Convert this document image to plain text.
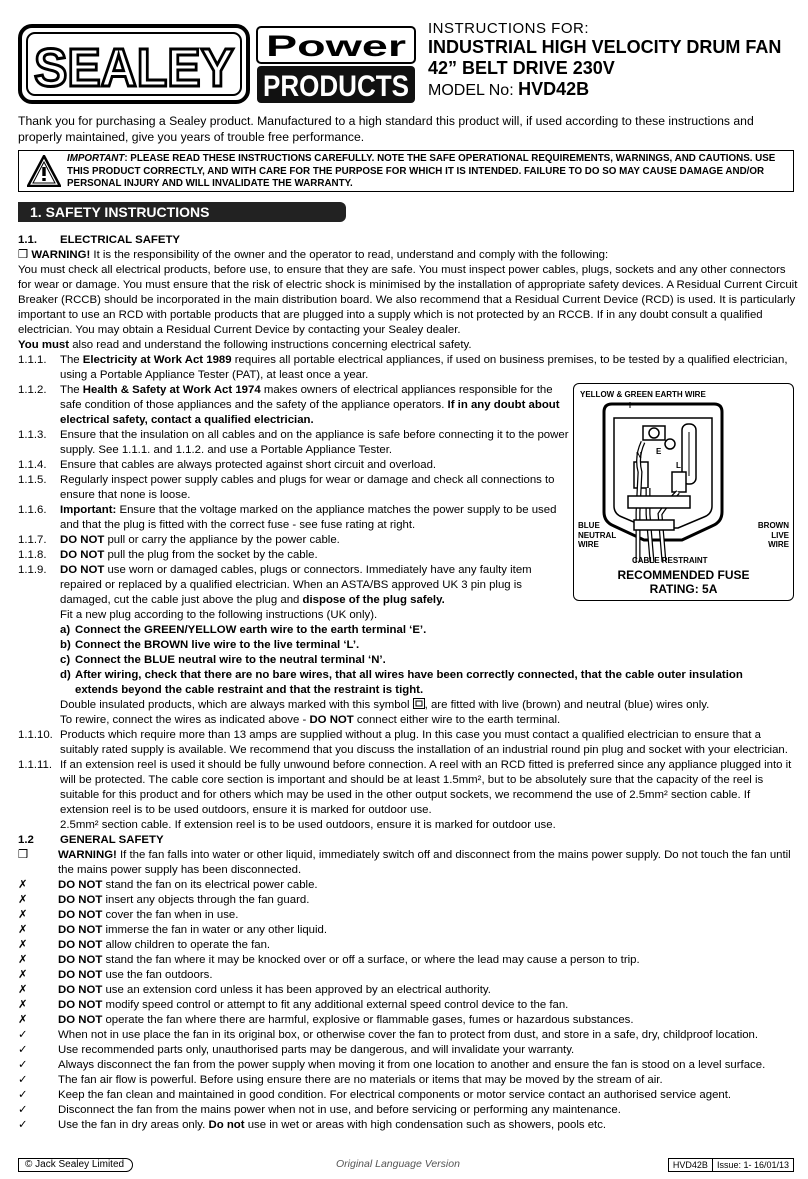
SEALEY Power
PRODUCTS
INSTRUCTIONS FOR:
INDUSTRIAL HIGH VELOCITY DRUM FAN
42” BELT DRIVE 230V
MODEL No: HVD42B
Thank you for purchasing a Sealey product. Manufactured to a high standard this product will, if used according to these instructions and properly maintained, give you years of trouble free performance.
IMPORTANT: PLEASE READ THESE INSTRUCTIONS CAREFULLY. NOTE THE SAFE OPERATIONAL REQUIREMENTS, WARNINGS, AND CAUTIONS. USE THIS PRODUCT CORRECTLY, AND WITH CARE FOR THE PURPOSE FOR WHICH IT IS INTENDED. FAILURE TO DO SO MAY CAUSE DAMAGE AND/OR PERSONAL INJURY AND WILL INVALIDATE THE WARRANTY.
1. SAFETY INSTRUCTIONS
YELLOW & GREEN EARTH WIRE
E
N
L
BLUE
NEUTRAL
WIRE
BROWN
LIVE
WIRE
CABLE RESTRAINT
RECOMMENDED FUSE
RATING: 5A
1.1.	ELECTRICAL SAFETY
❒ WARNING! It is the responsibility of the owner and the operator to read, understand and comply with the following:
You must check all electrical products, before use, to ensure that they are safe. You must inspect power cables, plugs, sockets and any other connectors for wear or damage. You must ensure that the risk of electric shock is minimised by the installation of appropriate safety devices. A Residual Current Circuit Breaker (RCCB) should be incorporated in the main distribution board. We also recommend that a Residual Current Device (RCD) is used. It is particularly important to use an RCD with portable products that are plugged into a supply which is not protected by an RCCB. If in any doubt consult a qualified electrician. You may obtain a Residual Current Device by contacting your Sealey dealer.
You must also read and understand the following instructions concerning electrical safety.
1.1.1.	The Electricity at Work Act 1989 requires all portable electrical appliances, if used on business premises, to be tested by a qualified electrician, using a Portable Appliance Tester (PAT), at least once a year.
1.1.2.	The Health & Safety at Work Act 1974 makes owners of electrical appliances responsible for the safe condition of those appliances and the safety of the appliance operators. If in any doubt about electrical safety, contact a qualified electrician.
1.1.3.	Ensure that the insulation on all cables and on the appliance is safe before connecting it to the power supply. See 1.1.1. and 1.1.2. and use a Portable Appliance Tester.
1.1.4.	Ensure that cables are always protected against short circuit and overload.
1.1.5.	Regularly inspect power supply cables and plugs for wear or damage and check all connections to ensure that none is loose.
1.1.6.	Important: Ensure that the voltage marked on the appliance matches the power supply to be used and that the plug is fitted with the correct fuse - see fuse rating at right.
1.1.7.	DO NOT pull or carry the appliance by the power cable.
1.1.8.	DO NOT pull the plug from the socket by the cable.
1.1.9.	DO NOT use worn or damaged cables, plugs or connectors. Immediately have any faulty item repaired or replaced by a qualified electrician. When an ASTA/BS approved UK 3 pin plug is damaged, cut the cable just above the plug and dispose of the plug safely.
Fit a new plug according to the following instructions (UK only).
a) Connect the GREEN/YELLOW earth wire to the earth terminal ‘E’.
b) Connect the BROWN live wire to the live terminal ‘L’.
c) Connect the BLUE neutral wire to the neutral terminal ‘N’.
d) After wiring, check that there are no bare wires, that all wires have been correctly connected, that the cable outer insulation extends beyond the cable restraint and that the restraint is tight.
Double insulated products, which are always marked with this symbol , are fitted with live (brown) and neutral (blue) wires only.
To rewire, connect the wires as indicated above - DO NOT connect either wire to the earth terminal.
1.1.10. Products which require more than 13 amps are supplied without a plug. In this case you must contact a qualified electrician to ensure that a suitably rated supply is available. We recommend that you discuss the installation of an industrial round pin plug and socket with your electrician.
1.1.11. If an extension reel is used it should be fully unwound before connection. A reel with an RCD fitted is preferred since any appliance plugged into it will be protected. The cable core section is important and should be at least 1.5mm², but to be absolutely sure that the capacity of the reel is suitable for this product and for others which may be used in the other output sockets, we recommend the use of 2.5mm² section cable. If extension reel is to be used outdoors, ensure it is marked for outdoor use.
2.5mm² section cable. If extension reel is to be used outdoors, ensure it is marked for outdoor use.
1.2	GENERAL SAFETY
❒	WARNING! If the fan falls into water or other liquid, immediately switch off and disconnect from the mains power supply. Do not touch the fan until the mains power supply has been disconnected.
✗	DO NOT stand the fan on its electrical power cable.
✗	DO NOT insert any objects through the fan guard.
✗	DO NOT cover the fan when in use.
✗	DO NOT immerse the fan in water or any other liquid.
✗	DO NOT allow children to operate the fan.
✗	DO NOT stand the fan where it may be knocked over or off a surface, or where the lead may cause a person to trip.
✗	DO NOT use the fan outdoors.
✗	DO NOT use an extension cord unless it has been approved by an electrical authority.
✗	DO NOT modify speed control or attempt to fit any additional external speed control device to the fan.
✗	DO NOT operate the fan where there are harmful, explosive or flammable gases, fumes or hazardous substances.
✓	When not in use place the fan in its original box, or otherwise cover the fan to protect from dust, and store in a safe, dry, childproof location.
✓	Use recommended parts only, unauthorised parts may be dangerous, and will invalidate your warranty.
✓	Always disconnect the fan from the power supply when moving it from one location to another and ensure the fan is stood on a level surface.
✓	The fan air flow is powerful. Before using ensure there are no materials or items that may be moved by the stream of air.
✓	Keep the fan clean and maintained in good condition. For electrical components or motor service contact an authorised service agent.
✓	Disconnect the fan from the mains power when not in use, and before servicing or performing any maintenance.
✓	Use the fan in dry areas only. Do not use in wet or areas with high condensation such as showers, pools etc.
© Jack Sealey Limited	Original Language Version	HVD42B	Issue: 1- 16/01/13
